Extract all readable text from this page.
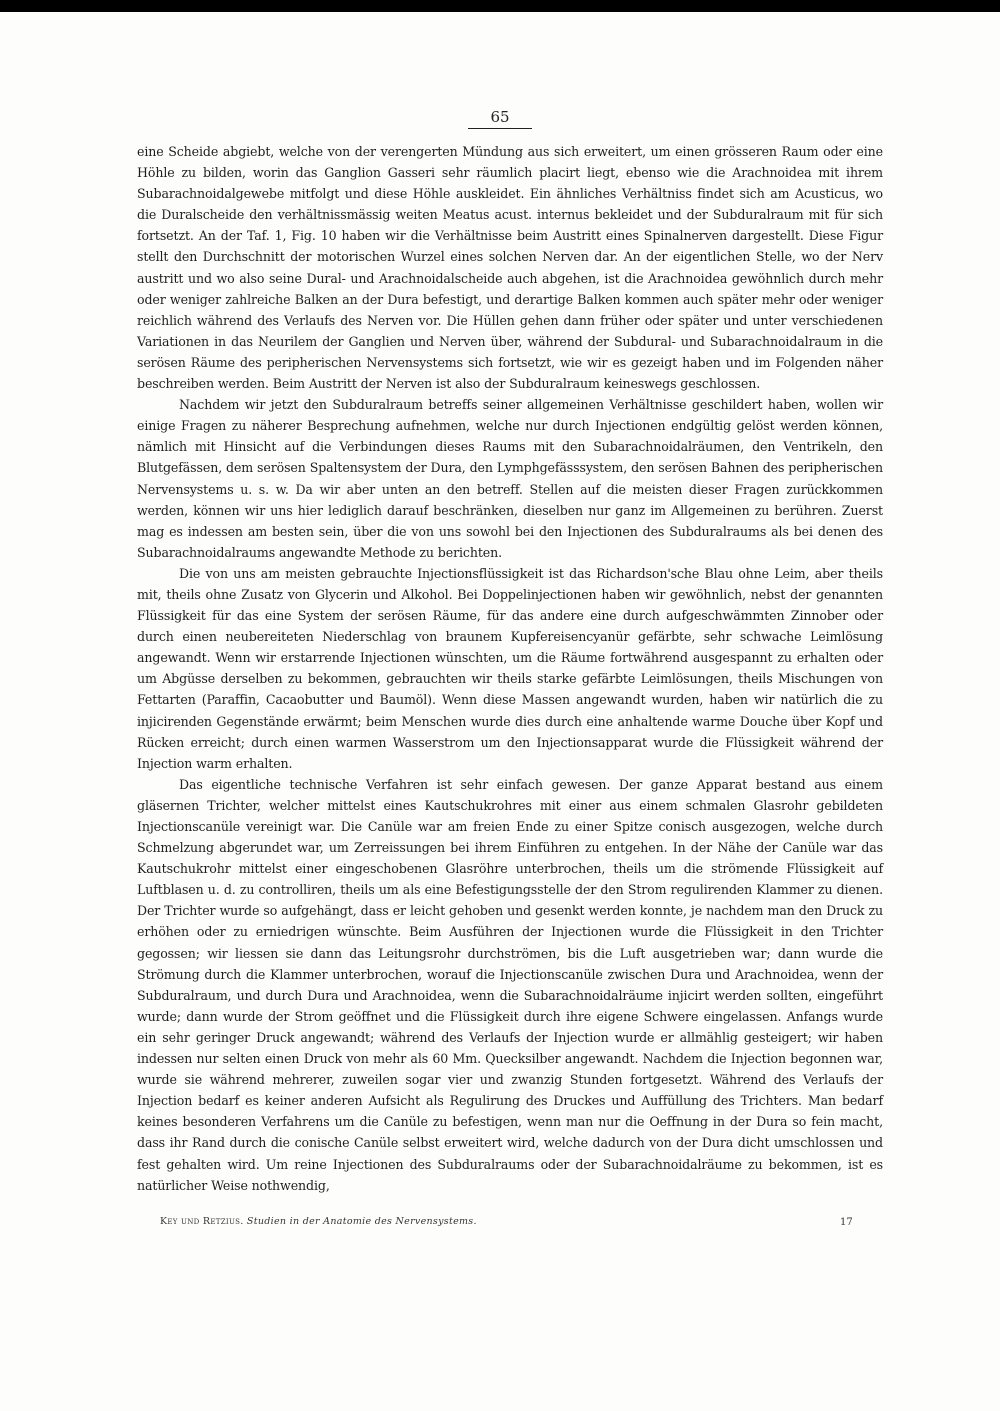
65

eine Scheide abgiebt, welche von der verengerten Mündung aus sich erweitert, um einen grösseren Raum oder eine Höhle zu bilden, worin das Ganglion Gasseri sehr räumlich placirt liegt, ebenso wie die Arachnoidea mit ihrem Subarachnoidalgewebe mitfolgt und diese Höhle auskleidet. Ein ähnliches Verhältniss findet sich am Acusticus, wo die Duralscheide den verhältnissmässig weiten Meatus acust. internus bekleidet und der Subduralraum mit für sich fortsetzt. An der Taf. 1, Fig. 10 haben wir die Verhältnisse beim Austritt eines Spinalnerven dargestellt. Diese Figur stellt den Durchschnitt der motorischen Wurzel eines solchen Nerven dar. An der eigentlichen Stelle, wo der Nerv austritt und wo also seine Dural- und Arachnoidalscheide auch abgehen, ist die Arachnoidea gewöhnlich durch mehr oder weniger zahlreiche Balken an der Dura befestigt, und derartige Balken kommen auch später mehr oder weniger reichlich während des Verlaufs des Nerven vor. Die Hüllen gehen dann früher oder später und unter verschiedenen Variationen in das Neurilem der Ganglien und Nerven über, während der Subdural- und Subarachnoidalraum in die serösen Räume des peripherischen Nervensystems sich fortsetzt, wie wir es gezeigt haben und im Folgenden näher beschreiben werden. Beim Austritt der Nerven ist also der Subduralraum keineswegs geschlossen.

Nachdem wir jetzt den Subduralraum betreffs seiner allgemeinen Verhältnisse geschildert haben, wollen wir einige Fragen zu näherer Besprechung aufnehmen, welche nur durch Injectionen endgültig gelöst werden können, nämlich mit Hinsicht auf die Verbindungen dieses Raums mit den Subarachnoidalräumen, den Ventrikeln, den Blutgefässen, dem serösen Spaltensystem der Dura, den Lymphgefässsystem, den serösen Bahnen des peripherischen Nervensystems u. s. w. Da wir aber unten an den betreff. Stellen auf die meisten dieser Fragen zurückkommen werden, können wir uns hier lediglich darauf beschränken, dieselben nur ganz im Allgemeinen zu berühren. Zuerst mag es indessen am besten sein, über die von uns sowohl bei den Injectionen des Subduralraums als bei denen des Subarachnoidalraums angewandte Methode zu berichten.

Die von uns am meisten gebrauchte Injectionsflüssigkeit ist das Richardson'sche Blau ohne Leim, aber theils mit, theils ohne Zusatz von Glycerin und Alkohol. Bei Doppelinjectionen haben wir gewöhnlich, nebst der genannten Flüssigkeit für das eine System der serösen Räume, für das andere eine durch aufgeschwämmten Zinnober oder durch einen neubereiteten Niederschlag von braunem Kupfereisencyanür gefärbte, sehr schwache Leimlösung angewandt. Wenn wir erstarrende Injectionen wünschten, um die Räume fortwährend ausgespannt zu erhalten oder um Abgüsse derselben zu bekommen, gebrauchten wir theils starke gefärbte Leimlösungen, theils Mischungen von Fettarten (Paraffin, Cacaobutter und Baumöl). Wenn diese Massen angewandt wurden, haben wir natürlich die zu injicirenden Gegenstände erwärmt; beim Menschen wurde dies durch eine anhaltende warme Douche über Kopf und Rücken erreicht; durch einen warmen Wasserstrom um den Injectionsapparat wurde die Flüssigkeit während der Injection warm erhalten.

Das eigentliche technische Verfahren ist sehr einfach gewesen. Der ganze Apparat bestand aus einem gläsernen Trichter, welcher mittelst eines Kautschukrohres mit einer aus einem schmalen Glasrohr gebildeten Injectionscanüle vereinigt war. Die Canüle war am freien Ende zu einer Spitze conisch ausgezogen, welche durch Schmelzung abgerundet war, um Zerreissungen bei ihrem Einführen zu entgehen. In der Nähe der Canüle war das Kautschukrohr mittelst einer eingeschobenen Glasröhre unterbrochen, theils um die strömende Flüssigkeit auf Luftblasen u. d. zu controlliren, theils um als eine Befestigungsstelle der den Strom regulirenden Klammer zu dienen. Der Trichter wurde so aufgehängt, dass er leicht gehoben und gesenkt werden konnte, je nachdem man den Druck zu erhöhen oder zu erniedrigen wünschte. Beim Ausführen der Injectionen wurde die Flüssigkeit in den Trichter gegossen; wir liessen sie dann das Leitungsrohr durchströmen, bis die Luft ausgetrieben war; dann wurde die Strömung durch die Klammer unterbrochen, worauf die Injectionscanüle zwischen Dura und Arachnoidea, wenn der Subduralraum, und durch Dura und Arachnoidea, wenn die Subarachnoidalräume injicirt werden sollten, eingeführt wurde; dann wurde der Strom geöffnet und die Flüssigkeit durch ihre eigene Schwere eingelassen. Anfangs wurde ein sehr geringer Druck angewandt; während des Verlaufs der Injection wurde er allmählig gesteigert; wir haben indessen nur selten einen Druck von mehr als 60 Mm. Quecksilber angewandt. Nachdem die Injection begonnen war, wurde sie während mehrerer, zuweilen sogar vier und zwanzig Stunden fortgesetzt. Während des Verlaufs der Injection bedarf es keiner anderen Aufsicht als Regulirung des Druckes und Auffüllung des Trichters. Man bedarf keines besonderen Verfahrens um die Canüle zu befestigen, wenn man nur die Oeffnung in der Dura so fein macht, dass ihr Rand durch die conische Canüle selbst erweitert wird, welche dadurch von der Dura dicht umschlossen und fest gehalten wird. Um reine Injectionen des Subduralraums oder der Subarachnoidalräume zu bekommen, ist es natürlicher Weise nothwendig,

Key und Retzius. Studien in der Anatomie des Nervensystems.	17
